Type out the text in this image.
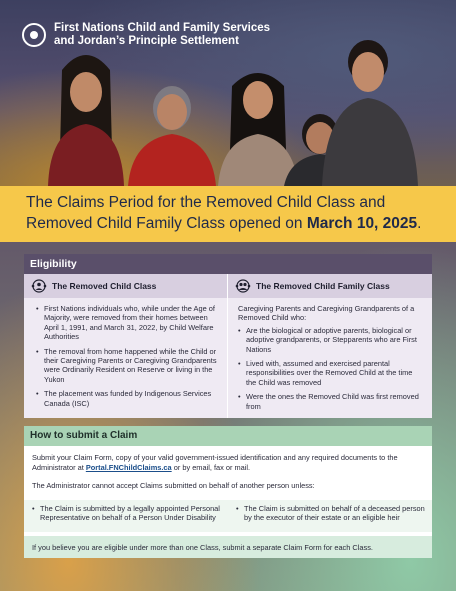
First Nations Child and Family Services
and Jordan’s Principle Settlement
The Claims Period for the Removed Child Class and Removed Child Family Class opened on March 10, 2025.
Eligibility
The Removed Child Class
• First Nations individuals who, while under the Age of Majority, were removed from their homes between April 1, 1991, and March 31, 2022, by Child Welfare Authorities
• The removal from home happened while the Child or their Caregiving Parents or Caregiving Grandparents were Ordinarily Resident on Reserve or living in the Yukon
• The placement was funded by Indigenous Services Canada (ISC)
The Removed Child Family Class
Caregiving Parents and Caregiving Grandparents of a Removed Child who:
• Are the biological or adoptive parents, biological or adoptive grandparents, or Stepparents who are First Nations
• Lived with, assumed and exercised parental responsibilities over the Removed Child at the time the Child was removed
• Were the ones the Removed Child was first removed from
How to submit a Claim
Submit your Claim Form, copy of your valid government-issued identification and any required documents to the Administrator at Portal.FNChildClaims.ca or by email, fax or mail.
The Administrator cannot accept Claims submitted on behalf of another person unless:
• The Claim is submitted by a legally appointed Personal Representative on behalf of a Person Under Disability
• The Claim is submitted on behalf of a deceased person by the executor of their estate or an eligible heir
If you believe you are eligible under more than one Class, submit a separate Claim Form for each Class.
